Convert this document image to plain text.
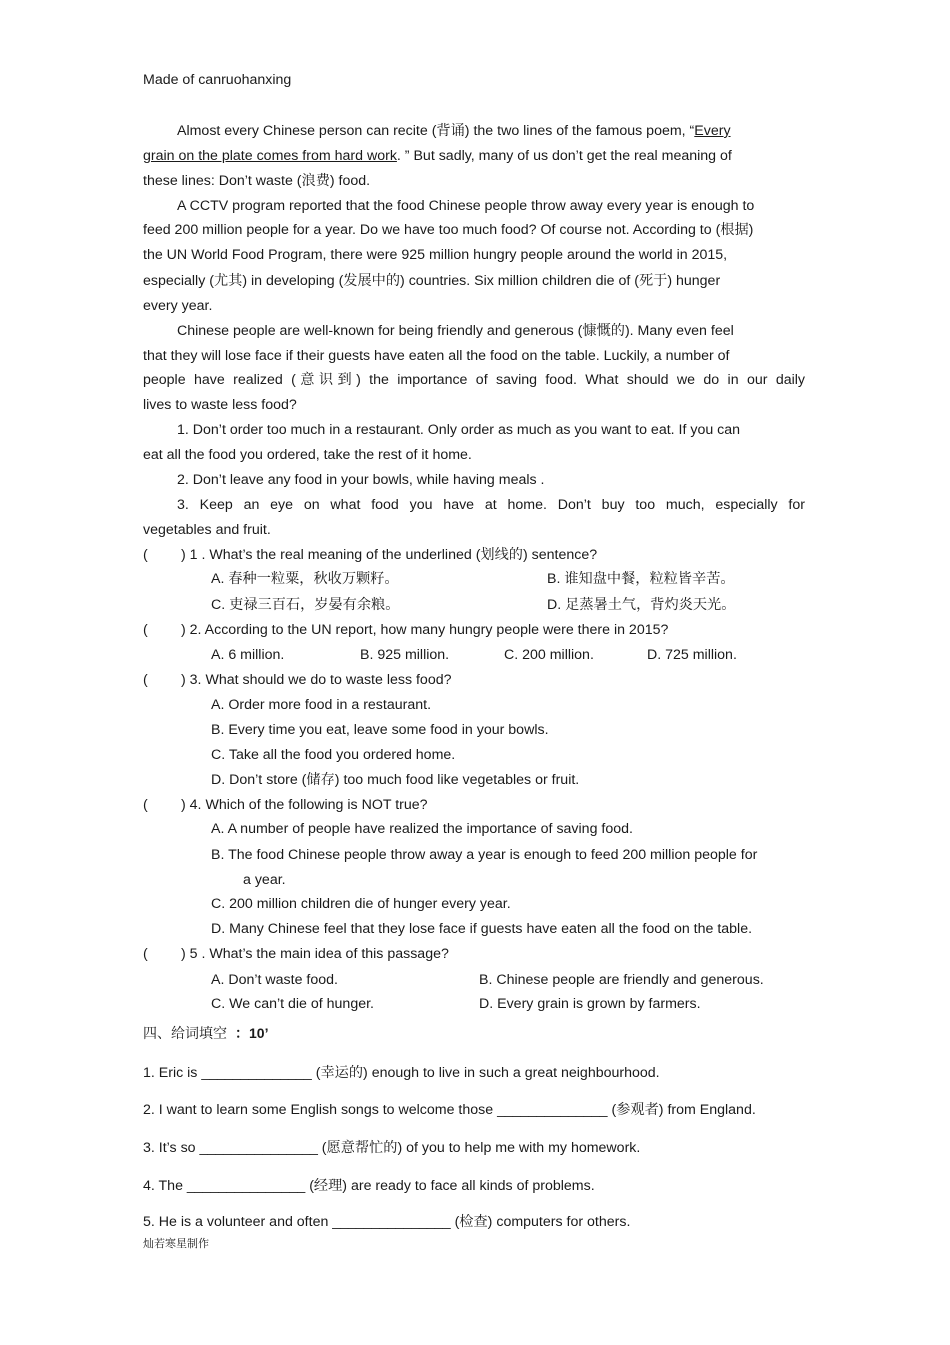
Made of canruohanxing
Almost every Chinese person can recite (背诵) the two lines of the famous poem, “Every
grain on the plate comes from hard work. ” But sadly, many of us don’t get the real meaning of
these lines: Don’t waste (浪费) food.
A CCTV program reported that the food Chinese people throw away every year is enough to
feed 200 million people for a year. Do we have too much food? Of course not. According to (根据)
the UN World Food Program, there were 925 million hungry people around the world in 2015,
especially (尤其) in developing (发展中的) countries. Six million children die of (死于) hunger
every year.
Chinese people are well-known for being friendly and generous (慷慨的). Many even feel
that they will lose face if their guests have eaten all the food on the table. Luckily, a number of
people have realized (意识到) the importance of saving food. What should we do in our daily
lives to waste less food?
1. Don’t order too much in a restaurant. Only order as much as you want to eat. If you can
eat all the food you ordered, take the rest of it home.
2. Don’t leave any food in your bowls, while having meals .
3. Keep an eye on what food you have at home. Don’t buy too much, especially for
vegetables and fruit.
( ) 1 . What’s the real meaning of the underlined (划线的) sentence?
A. 春种一粒粟，秋收万颗籽。	B. 谁知盘中餐，粒粒皆辛苦。
C. 吏禄三百石，岁晏有余粮。	D. 足蒸暑土气，背灼炎天光。
( ) 2. According to the UN report, how many hungry people were there in 2015?
A. 6 million.	B. 925 million.	C. 200 million.	D. 725 million.
( ) 3. What should we do to waste less food?
A. Order more food in a restaurant.
B. Every time you eat, leave some food in your bowls.
C. Take all the food you ordered home.
D. Don’t store (储存) too much food like vegetables or fruit.
( ) 4. Which of the following is NOT true?
A. A number of people have realized the importance of saving food.
B. The food Chinese people throw away a year is enough to feed 200 million people for
a year.
C. 200 million children die of hunger every year.
D. Many Chinese feel that they lose face if guests have eaten all the food on the table.
( ) 5 . What’s the main idea of this passage?
A. Don’t waste food.	B. Chinese people are friendly and generous.
C. We can’t die of hunger.	D. Every grain is grown by farmers.
四、给词填空 ：10’
1. Eric is ______________ (幸运的) enough to live in such a great neighbourhood.
2. I want to learn some English songs to welcome those ______________ (参观者) from England.
3. It’s so _______________ (愿意帮忙的) of you to help me with my homework.
4. The _______________ (经理) are ready to face all kinds of problems.
5. He is a volunteer and often _______________ (检查) computers for others.
灿若寒星制作
